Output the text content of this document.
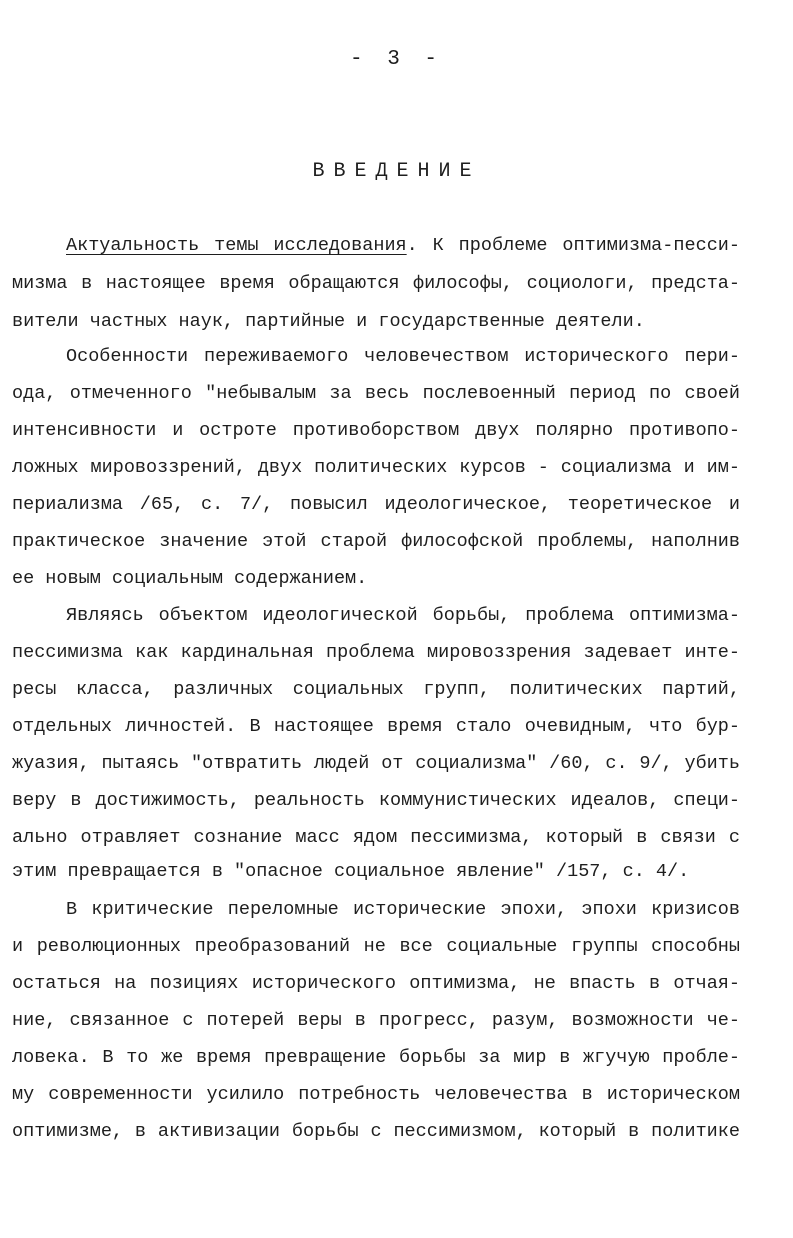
- 3 -
ВВЕДЕНИЕ
Актуальность темы исследования. К проблеме оптимизма-песси-
мизма в настоящее время обращаются философы, социологи, предста-
вители частных наук, партийные и государственные деятели.
Особенности переживаемого человечеством исторического пери-
ода, отмеченного "небывалым за весь послевоенный период по своей
интенсивности и остроте противоборством двух полярно противопо-
ложных мировоззрений, двух политических курсов - социализма и им-
периализма /65, с. 7/, повысил идеологическое, теоретическое и
практическое значение этой старой философской проблемы, наполнив
ее новым социальным содержанием.
Являясь объектом идеологической борьбы, проблема оптимизма-
пессимизма как кардинальная проблема мировоззрения задевает инте-
ресы класса, различных социальных групп, политических партий,
отдельных личностей. В настоящее время стало очевидным, что бур-
жуазия, пытаясь "отвратить людей от социализма" /60, с. 9/, убить
веру в достижимость, реальность коммунистических идеалов, специ-
ально отравляет сознание масс ядом пессимизма, который в связи с
этим превращается в "опасное социальное явление" /157, с. 4/.
В критические переломные исторические эпохи, эпохи кризисов
и революционных преобразований не все социальные группы способны
остаться на позициях исторического оптимизма, не впасть в отчая-
ние, связанное с потерей веры в прогресс, разум, возможности че-
ловека. В то же время превращение борьбы за мир в жгучую пробле-
му современности усилило потребность человечества в историческом
оптимизме, в активизации борьбы с пессимизмом, который в политике
